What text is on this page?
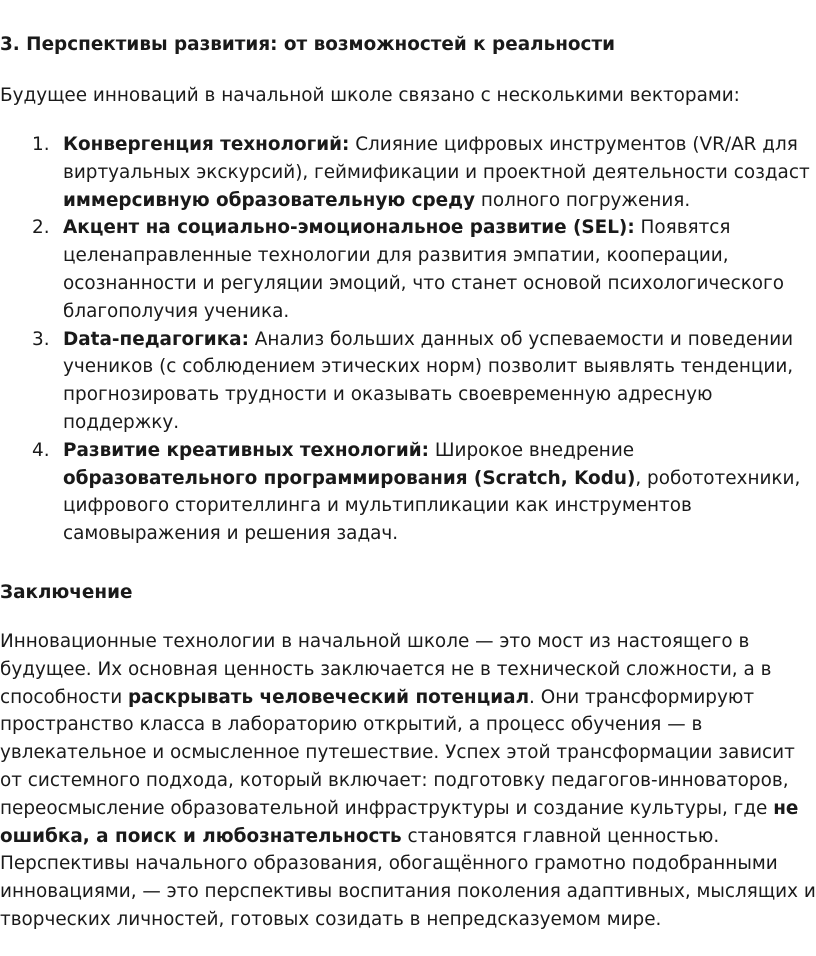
3. Перспективы развития: от возможностей к реальности

Будущее инноваций в начальной школе связано с несколькими векторами:

1. Конвергенция технологий: Слияние цифровых инструментов (VR/AR для виртуальных экскурсий), геймификации и проектной деятельности создаст иммерсивную образовательную среду полного погружения.
2. Акцент на социально-эмоциональное развитие (SEL): Появятся целенаправленные технологии для развития эмпатии, кооперации, осознанности и регуляции эмоций, что станет основой психологического благополучия ученика.
3. Data-педагогика: Анализ больших данных об успеваемости и поведении учеников (с соблюдением этических норм) позволит выявлять тенденции, прогнозировать трудности и оказывать своевременную адресную поддержку.
4. Развитие креативных технологий: Широкое внедрение образовательного программирования (Scratch, Kodu), робототехники, цифрового сторителлинга и мультипликации как инструментов самовыражения и решения задач.
Заключение

Инновационные технологии в начальной школе — это мост из настоящего в будущее. Их основная ценность заключается не в технической сложности, а в способности раскрывать человеческий потенциал. Они трансформируют пространство класса в лабораторию открытий, а процесс обучения — в увлекательное и осмысленное путешествие. Успех этой трансформации зависит от системного подхода, который включает: подготовку педагогов-инноваторов, переосмысление образовательной инфраструктуры и создание культуры, где не ошибка, а поиск и любознательность становятся главной ценностью. Перспективы начального образования, обогащённого грамотно подобранными инновациями, — это перспективы воспитания поколения адаптивных, мыслящих и творческих личностей, готовых созидать в непредсказуемом мире.
